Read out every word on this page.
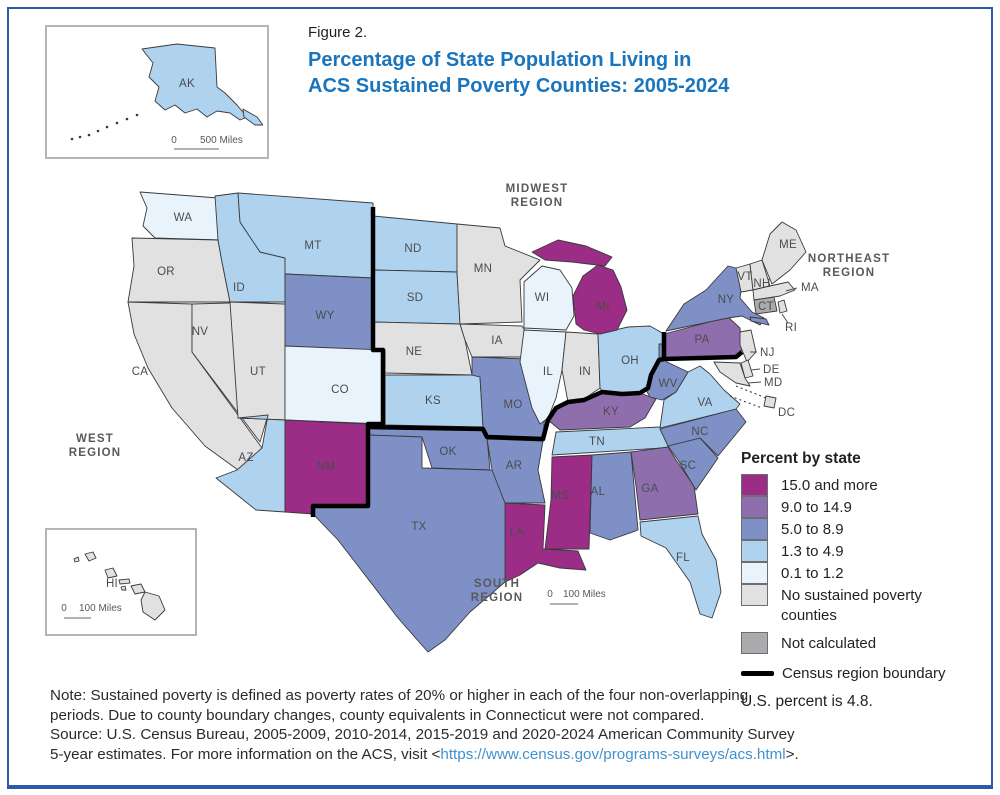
Figure 2.
Percentage of State Population Living in
ACS Sustained Poverty Counties: 2005-2024
AK
0 500 Miles
HI
0 100 Miles
WA
OR
CA
NV
ID
MT
WY
UT
CO
AZ
NM
ND
SD
NE
KS
OK
TX
MN
IA
MO
AR
LA
WI
IL IN
MI
OH
KY
TN
MS AL	GA
FL
SC
NC
VA
WV
PA
NY
VT
NH
ME
CT
MA
RI
NJ
DE
MD
DC
0 100 Miles
MIDWEST
REGION
NORTHEAST
REGION
WEST
REGION
SOUTH
REGION
Percent by state
15.0 and more
9.0 to 14.9
5.0 to 8.9
1.3 to 4.9
0.1 to 1.2
No sustained poverty counties
Not calculated
Census region boundary
U.S. percent is 4.8.
Note: Sustained poverty is defined as poverty rates of 20% or higher in each of the four non-overlapping
periods. Due to county boundary changes, county equivalents in Connecticut were not compared.
Source: U.S. Census Bureau, 2005-2009, 2010-2014, 2015-2019 and 2020-2024 American Community Survey
5-year estimates. For more information on the ACS, visit <https://www.census.gov/programs-surveys/acs.html>.
